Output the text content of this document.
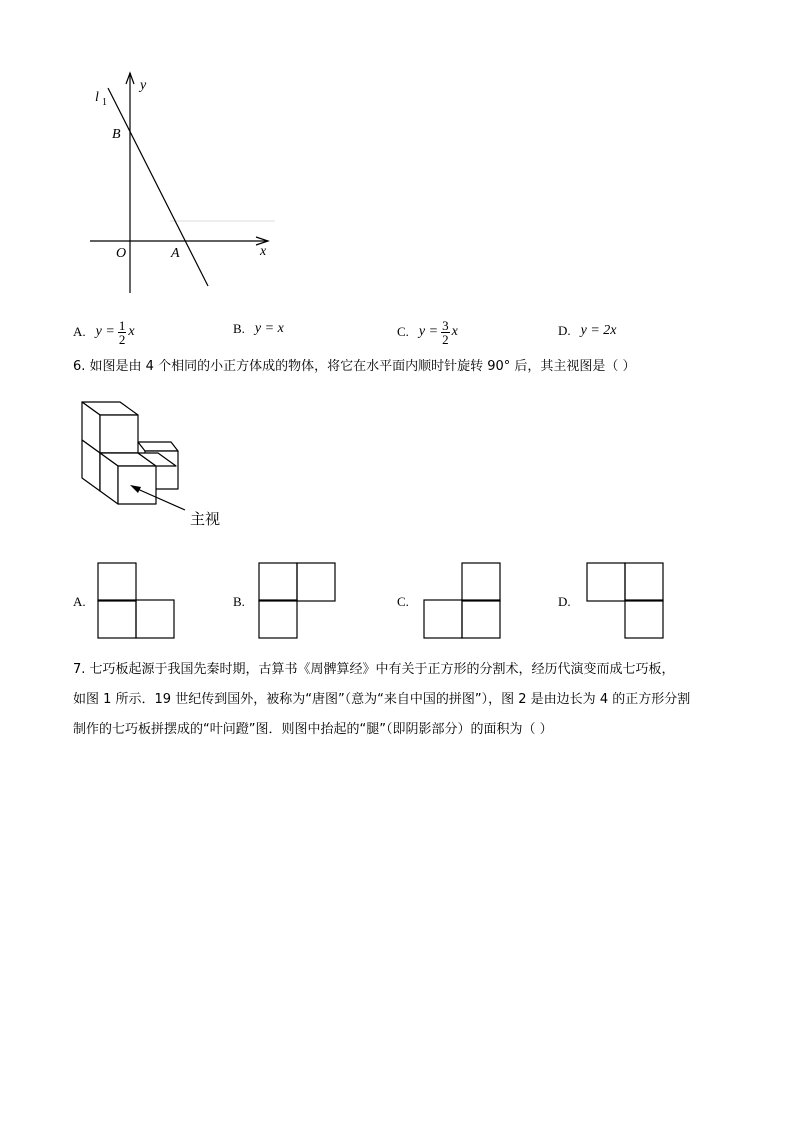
l 1
y
B
O	A	x
A. $y = \frac{1}{2}$ x	B. y = x	C. $y = \frac{3}{2}$ x	D. y = 2x
6. 如图是由 4 个相同的小正方体成的物体，将它在水平面内顺时针旋转 90° 后，其主视图是（ ）
主视
A.	B.	C.	D.
7. 七巧板起源于我国先秦时期，古算书《周髀算经》中有关于正方形的分割术，经历代演变而成七巧板，
如图 1 所示．19 世纪传到国外，被称为“唐图”（意为“来自中国的拼图”），图 2 是由边长为 4 的正方形分割
制作的七巧板拼摆成的“叶问蹬”图．则图中抬起的“腿”（即阴影部分）的面积为（ ）
